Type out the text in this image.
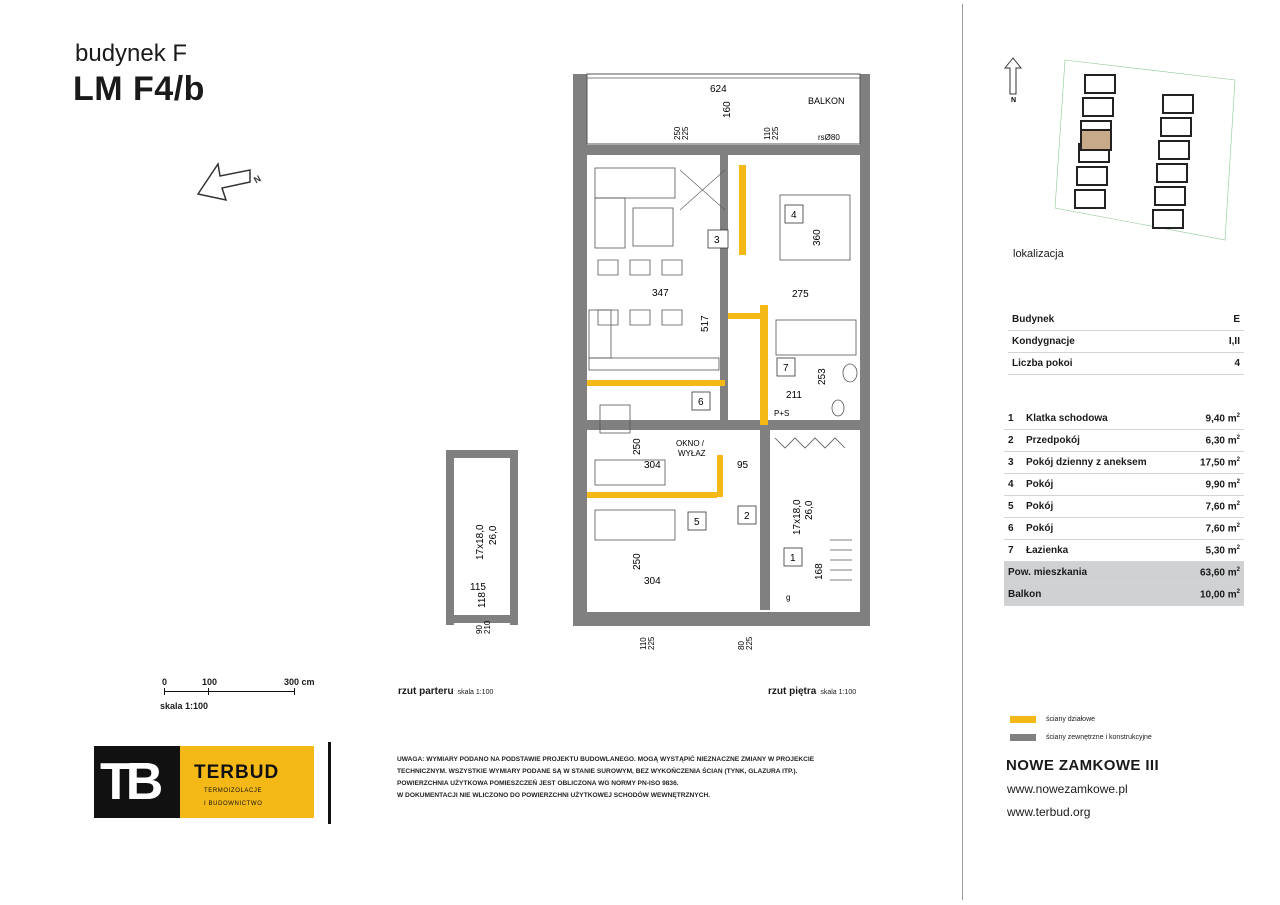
budynek F
LM F4/b
N
BALKON
624
160
250 225	110 225	rsØ80
3
4
7
6
5
2
1
347
517
275
360
211
253
304
304
95
168
250
250
OKNO /
WYŁAZ
P+S
g
17x18,0 26,0
110 225	80 225
17x18,0 26,0
118
115
90 210
rzut parteru skala 1:100	rzut piętra skala 1:100
0	100	300 cm
skala 1:100
TB TERBUD
TERMOIZOLACJE
I BUDOWNICTWO

UWAGA: WYMIARY PODANO NA PODSTAWIE PROJEKTU BUDOWLANEGO. MOGĄ WYSTĄPIĆ NIEZNACZNE ZMIANY W PROJEKCIE

TECHNICZNYM. WSZYSTKIE WYMIARY PODANE SĄ W STANIE SUROWYM, BEZ WYKOŃCZENIA ŚCIAN (TYNK, GLAZURA ITP.).

POWIERZCHNIA UŻYTKOWA POMIESZCZEŃ JEST OBLICZONA WG NORMY PN-ISO 9836.

W DOKUMENTACJI NIE WLICZONO DO POWIERZCHNI UŻYTKOWEJ SCHODÓW WEWNĘTRZNYCH.

N
lokalizacja
Budynek	E
Kondygnacje	I,II
Liczba pokoi	4
1	Klatka schodowa	9,40 $m^2$
2	Przedpokój	6,30 $m^2$
3	Pokój dzienny z aneksem	17,50 $m^2$
4	Pokój	9,90 $m^2$
5	Pokój	7,60 $m^2$
6	Pokój	7,60 $m^2$
7	Łazienka	5,30 $m^2$
Pow. mieszkania		63,60 $m^2$
Balkon		10,00 $m^2$
ściany działowe
ściany zewnętrzne i konstrukcyjne
NOWE ZAMKOWE III
www.nowezamkowe.pl
www.terbud.org
